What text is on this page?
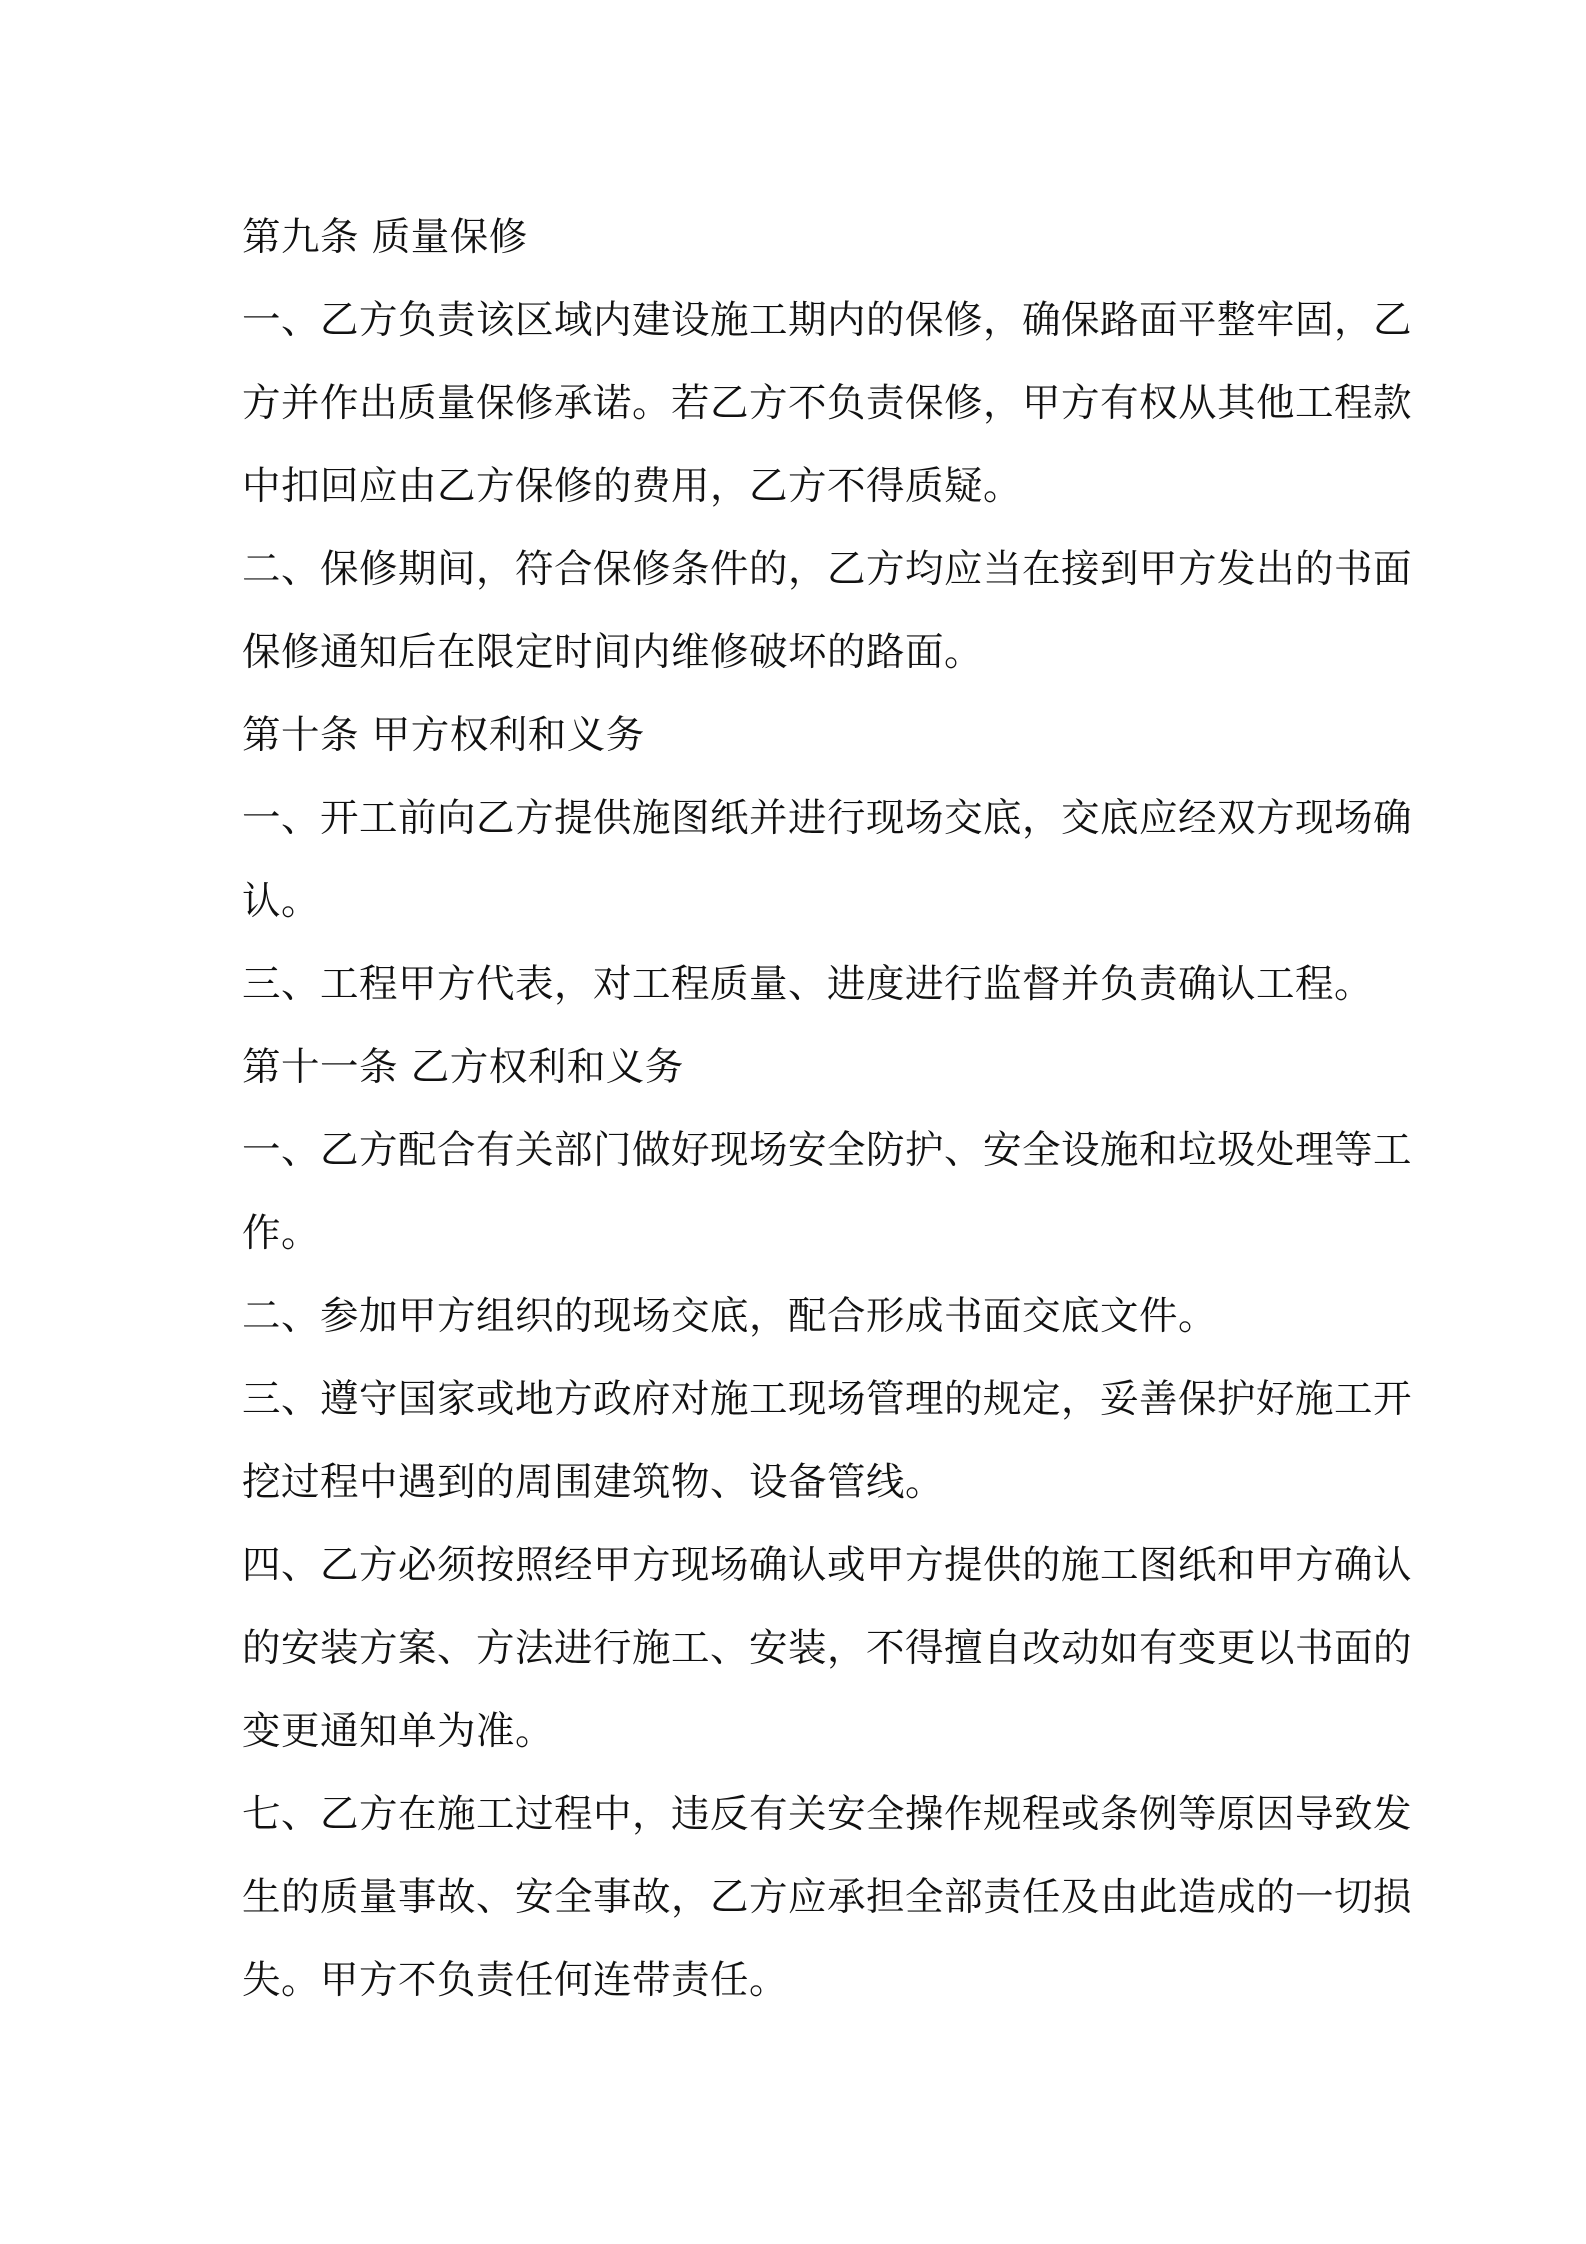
第九条 质量保修
一、乙方负责该区域内建设施工期内的保修，确保路面平整牢固，乙
方并作出质量保修承诺。若乙方不负责保修，甲方有权从其他工程款
中扣回应由乙方保修的费用，乙方不得质疑。
二、保修期间，符合保修条件的，乙方均应当在接到甲方发出的书面
保修通知后在限定时间内维修破坏的路面。
第十条 甲方权利和义务
一、开工前向乙方提供施图纸并进行现场交底，交底应经双方现场确
认。
三、工程甲方代表，对工程质量、进度进行监督并负责确认工程。
第十一条 乙方权利和义务
一、乙方配合有关部门做好现场安全防护、安全设施和垃圾处理等工
作。
二、参加甲方组织的现场交底，配合形成书面交底文件。
三、遵守国家或地方政府对施工现场管理的规定，妥善保护好施工开
挖过程中遇到的周围建筑物、设备管线。
四、乙方必须按照经甲方现场确认或甲方提供的施工图纸和甲方确认
的安装方案、方法进行施工、安装，不得擅自改动如有变更以书面的
变更通知单为准。
七、乙方在施工过程中，违反有关安全操作规程或条例等原因导致发
生的质量事故、安全事故，乙方应承担全部责任及由此造成的一切损
失。甲方不负责任何连带责任。
